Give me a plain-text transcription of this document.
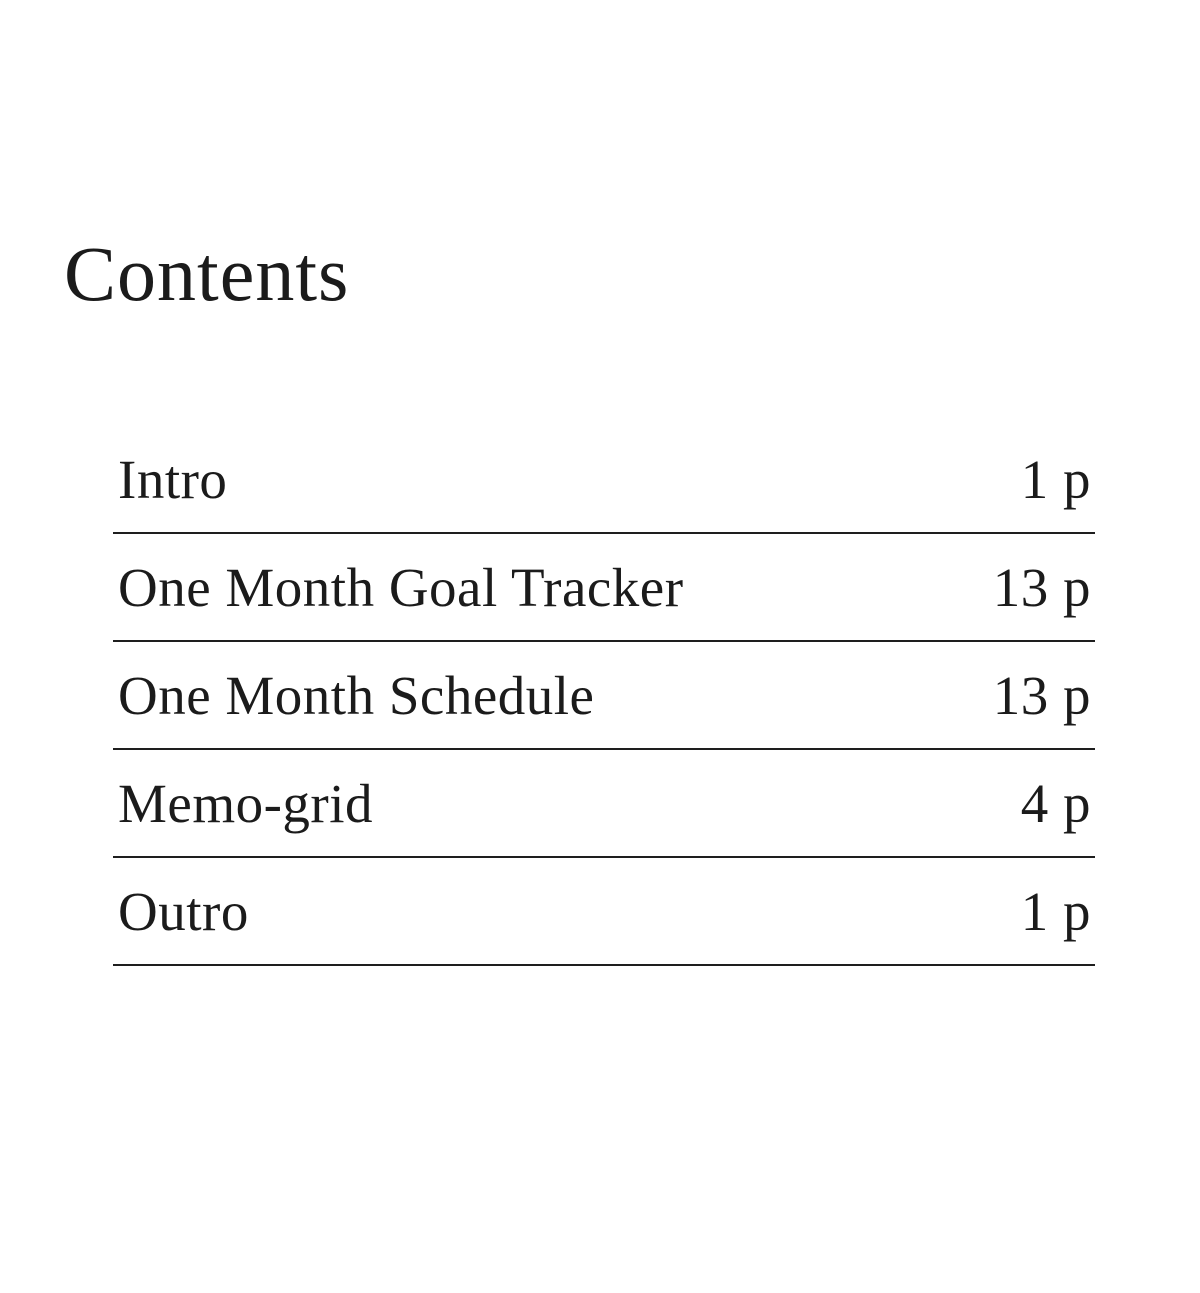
Contents
Intro	1 p
One Month Goal Tracker	13 p
One Month Schedule	13 p
Memo-grid	4 p
Outro	1 p
